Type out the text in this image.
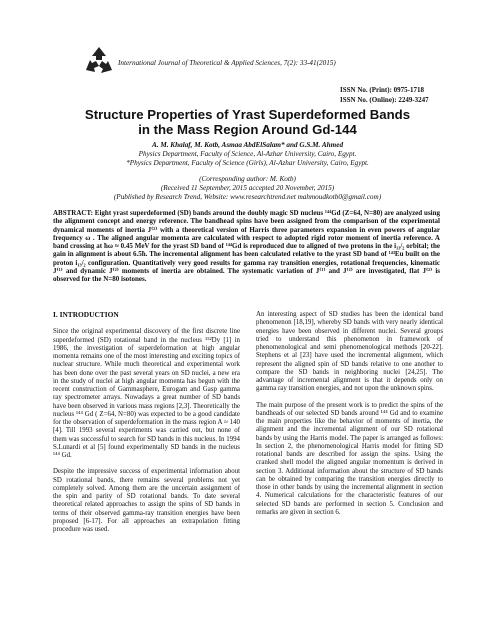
International Journal of Theoretical & Applied Sciences, 7(2): 33-41(2015)
ISSN No. (Print): 0975-1718
ISSN No. (Online): 2249-3247
Structure Properties of Yrast Superdeformed Bands
in the Mass Region Around Gd-144
A. M. Khalaf, M. Kotb, Asmaa AbdElSalam* and G.S.M. Ahmed
Physics Department, Faculty of Science, Al-Azhar University, Cairo, Egypt.
*Physics Department, Faculty of Science (Girls), Al-Azhar University, Cairo, Egypt.
(Corresponding author: M. Kotb)
(Received 11 September, 2015 accepted 20 November, 2015)
(Published by Research Trend, Website: www.researchtrend.net mahmoudkotb0@gmail.com)
ABSTRACT: Eight yrast superdeformed (SD) bands around the doubly magic SD nucleus ¹⁴⁴Gd (Z=64, N=80) are analyzed using the alignment concept and energy reference. The bandhead spins have been assigned from the comparison of the experimental dynamical moments of inertia J⁽²⁾ with a theoretical version of Harris three parameters expansion in even powers of angular frequency ω . The aligned angular momenta are calculated with respect to adopted rigid rotor moment of inertia reference. A band crossing at ħω ≈ 0.45 MeV for the yrast SD band of ¹⁴⁴Gd is reproduced due to aligned of two protons in the i₁₃/₂ orbital; the gain in alignment is about 6.5ħ. The incremental alignment has been calculated relative to the yrast SD band of ¹⁴³Eu built on the proton i₁₃/₂ configuration. Quantitatively very good results for gamma ray transition energies, rotational frequencies, kinematic J⁽¹⁾ and dynamic J⁽²⁾ moments of inertia are obtained. The systematic variation of J⁽¹⁾ and J⁽²⁾ are investigated, flat J⁽²⁾ is observed for the N=80 isotones.
I. INTRODUCTION

Since the original experimental discovery of the first discrete line superdeformed (SD) rotational band in the nucleus ¹⁵²Dy [1] in 1986, the investigation of superdeformation at high angular momenta remains one of the most interesting and exciting topics of nuclear structure. While much theoretical and experimental work has been done over the past several years on SD nuclei, a new era in the study of nuclei at high angular momenta has begun with the recent construction of Gammasphere, Eurogam and Gasp gamma ray spectrometer arrays. Nowadays a great number of SD bands have been observed in various mass regions [2,3]. Theoretically the nucleus ¹⁴⁴ Gd ( Z=64, N=80) was expected to be a good candidate for the observation of superdeformation in the mass region A ≈ 140 [4]. Till 1993 several experiments was carried out, but none of them was successful to search for SD bands in this nucleus. In 1994 S.Lunardi et al [5] found experimentally SD bands in the nucleus ¹⁴⁴ Gd.

Despite the impressive success of experimental information about SD rotational bands, there remains several problems not yet completely solved. Among them are the uncertain assignment of the spin and parity of SD rotational bands. To date several theoretical related approaches to assign the spins of SD bands in terms of their observed gamma-ray transition energies have been proposed [6-17]. For all approaches an extrapolation fitting procedure was used.

An interesting aspect of SD studies has been the identical band phenomenon [18,19], whereby SD bands with very nearly identical energies have been observed in different nuclei. Several groups tried to understand this phenomenon in framework of phenomenological and semi phenomenological methods [20-22]. Stephens et al [23] have used the incremental alignment, which represent the aligned spin of SD bands relative to one another to compare the SD bands in neighboring nuclei [24,25]. The advantage of incremental alignment is that it depends only on gamma ray transition energies, and not upon the unknown spins.

The main purpose of the present work is to predict the spins of the bandheads of our selected SD bands around ¹⁴⁴ Gd and to examine the main properties like the behavior of moments of inertia, the alignment and the incremental alignment of our SD rotational bands by using the Harris model. The paper is arranged as follows: In section 2, the phenomenological Harris model for fitting SD rotational bands are described for assign the spins. Using the cranked shell model the aligned angular momentum is derived in section 3. Additional information about the structure of SD bands can be obtained by comparing the transition energies directly to those in other bands by using the incremental alignment in section 4. Numerical calculations for the characteristic features of our selected SD bands are performed in section 5. Conclusion and remarks are given in section 6.
